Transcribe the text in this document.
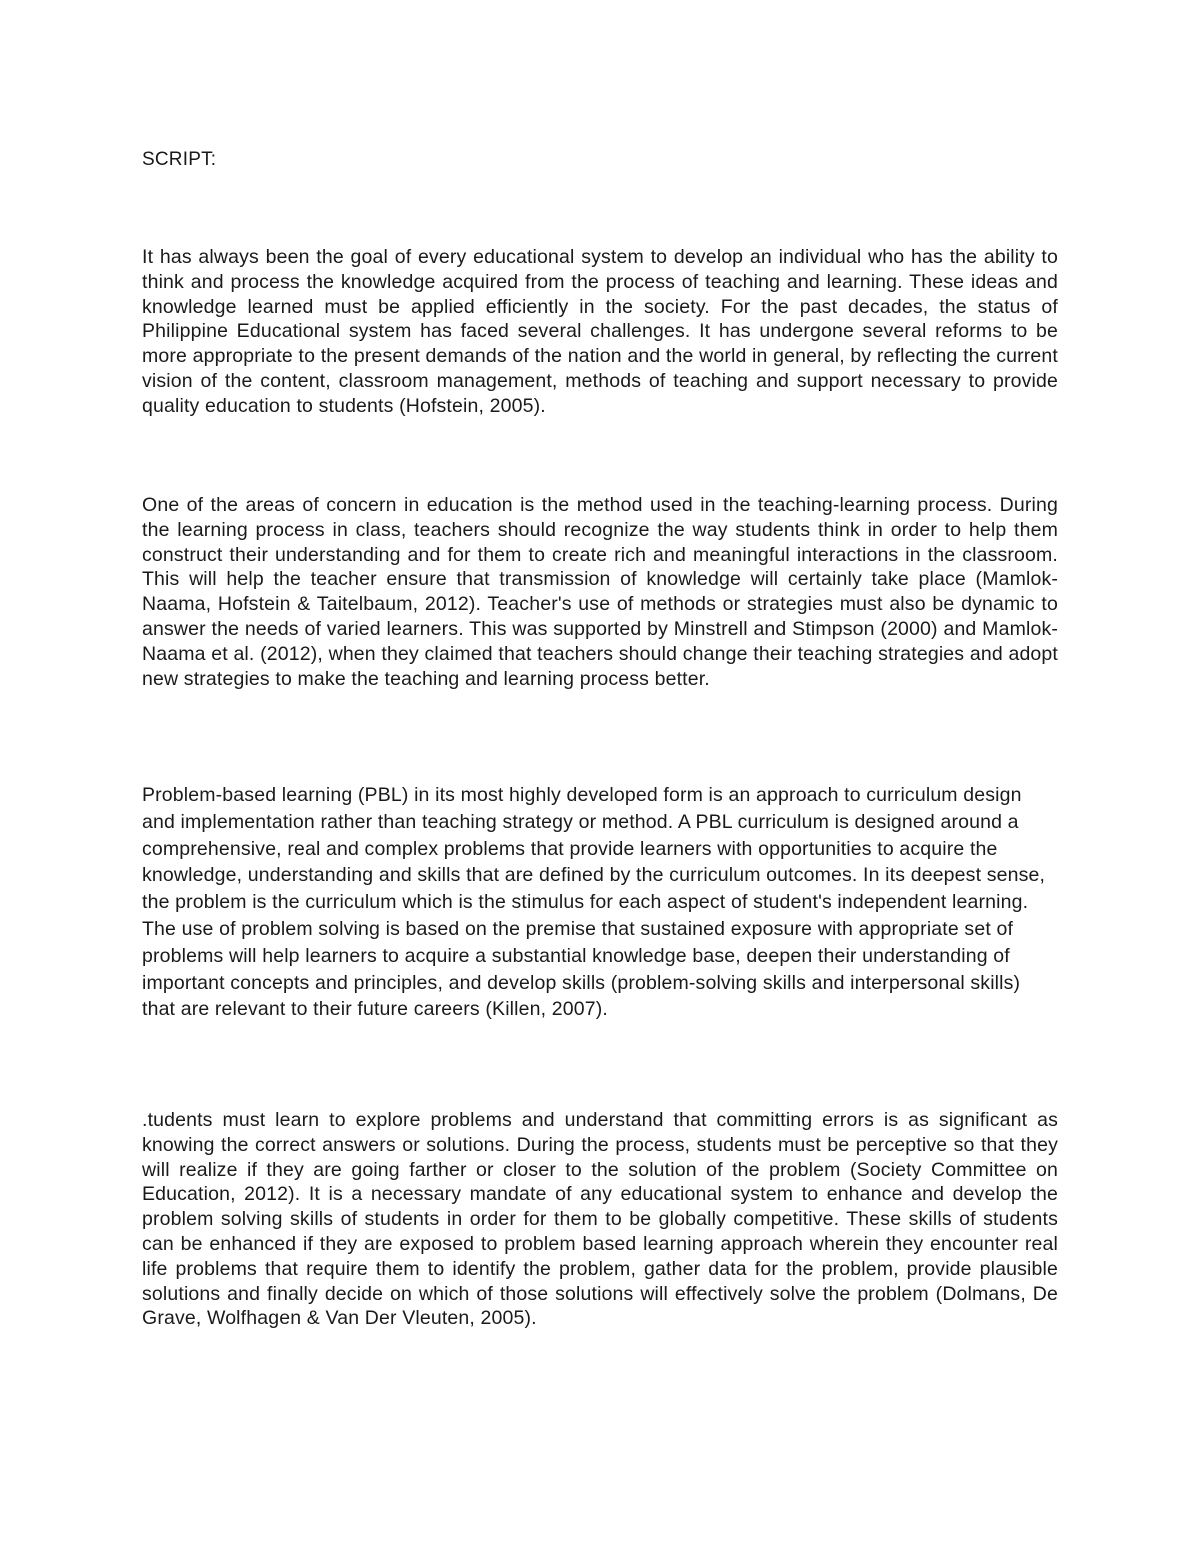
SCRIPT:

It has always been the goal of every educational system to develop an individual who has the ability to think and process the knowledge acquired from the process of teaching and learning. These ideas and knowledge learned must be applied efficiently in the society. For the past decades, the status of Philippine Educational system has faced several challenges. It has undergone several reforms to be more appropriate to the present demands of the nation and the world in general, by reflecting the current vision of the content, classroom management, methods of teaching and support necessary to provide quality education to students (Hofstein, 2005).

One of the areas of concern in education is the method used in the teaching-learning process. During the learning process in class, teachers should recognize the way students think in order to help them construct their understanding and for them to create rich and meaningful interactions in the classroom. This will help the teacher ensure that transmission of knowledge will certainly take place (Mamlok-Naama, Hofstein & Taitelbaum, 2012). Teacher's use of methods or strategies must also be dynamic to answer the needs of varied learners. This was supported by Minstrell and Stimpson (2000) and Mamlok-Naama et al. (2012), when they claimed that teachers should change their teaching strategies and adopt new strategies to make the teaching and learning process better.

Problem-based learning (PBL) in its most highly developed form is an approach to curriculum design and implementation rather than teaching strategy or method. A PBL curriculum is designed around a comprehensive, real and complex problems that provide learners with opportunities to acquire the knowledge, understanding and skills that are defined by the curriculum outcomes. In its deepest sense, the problem is the curriculum which is the stimulus for each aspect of student's independent learning. The use of problem solving is based on the premise that sustained exposure with appropriate set of problems will help learners to acquire a substantial knowledge base, deepen their understanding of important concepts and principles, and develop skills (problem-solving skills and interpersonal skills) that are relevant to their future careers (Killen, 2007).

.tudents must learn to explore problems and understand that committing errors is as significant as knowing the correct answers or solutions. During the process, students must be perceptive so that they will realize if they are going farther or closer to the solution of the problem (Society Committee on Education, 2012). It is a necessary mandate of any educational system to enhance and develop the problem solving skills of students in order for them to be globally competitive. These skills of students can be enhanced if they are exposed to problem based learning approach wherein they encounter real life problems that require them to identify the problem, gather data for the problem, provide plausible solutions and finally decide on which of those solutions will effectively solve the problem (Dolmans, De Grave, Wolfhagen & Van Der Vleuten, 2005).
